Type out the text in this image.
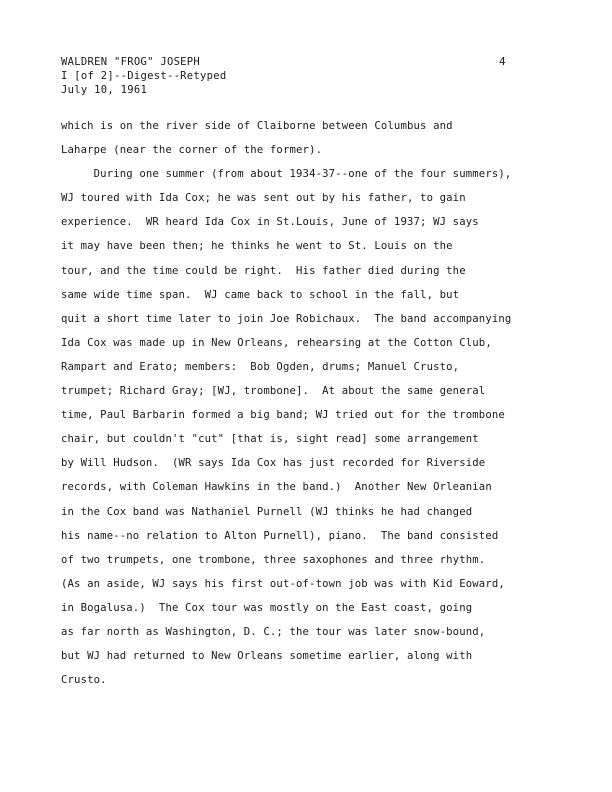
WALDREN "FROG" JOSEPH
I [of 2]--Digest--Retyped
July 10, 1961
4
which is on the river side of Claiborne between Columbus and
Laharpe (near the corner of the former).
During one summer (from about 1934-37--one of the four summers),
WJ toured with Ida Cox; he was sent out by his father, to gain
experience.  WR heard Ida Cox in St.Louis, June of 1937; WJ says
it may have been then; he thinks he went to St. Louis on the
tour, and the time could be right.  His father died during the
same wide time span.  WJ came back to school in the fall, but
quit a short time later to join Joe Robichaux.  The band accompanying
Ida Cox was made up in New Orleans, rehearsing at the Cotton Club,
Rampart and Erato; members:  Bob Ogden, drums; Manuel Crusto,
trumpet; Richard Gray; [WJ, trombone].  At about the same general
time, Paul Barbarin formed a big band; WJ tried out for the trombone
chair, but couldn't "cut" [that is, sight read] some arrangement
by Will Hudson.  (WR says Ida Cox has just recorded for Riverside
records, with Coleman Hawkins in the band.)  Another New Orleanian
in the Cox band was Nathaniel Purnell (WJ thinks he had changed
his name--no relation to Alton Purnell), piano.  The band consisted
of two trumpets, one trombone, three saxophones and three rhythm.
(As an aside, WJ says his first out-of-town job was with Kid Eoward,
in Bogalusa.)  The Cox tour was mostly on the East coast, going
as far north as Washington, D. C.; the tour was later snow-bound,
but WJ had returned to New Orleans sometime earlier, along with
Crusto.
